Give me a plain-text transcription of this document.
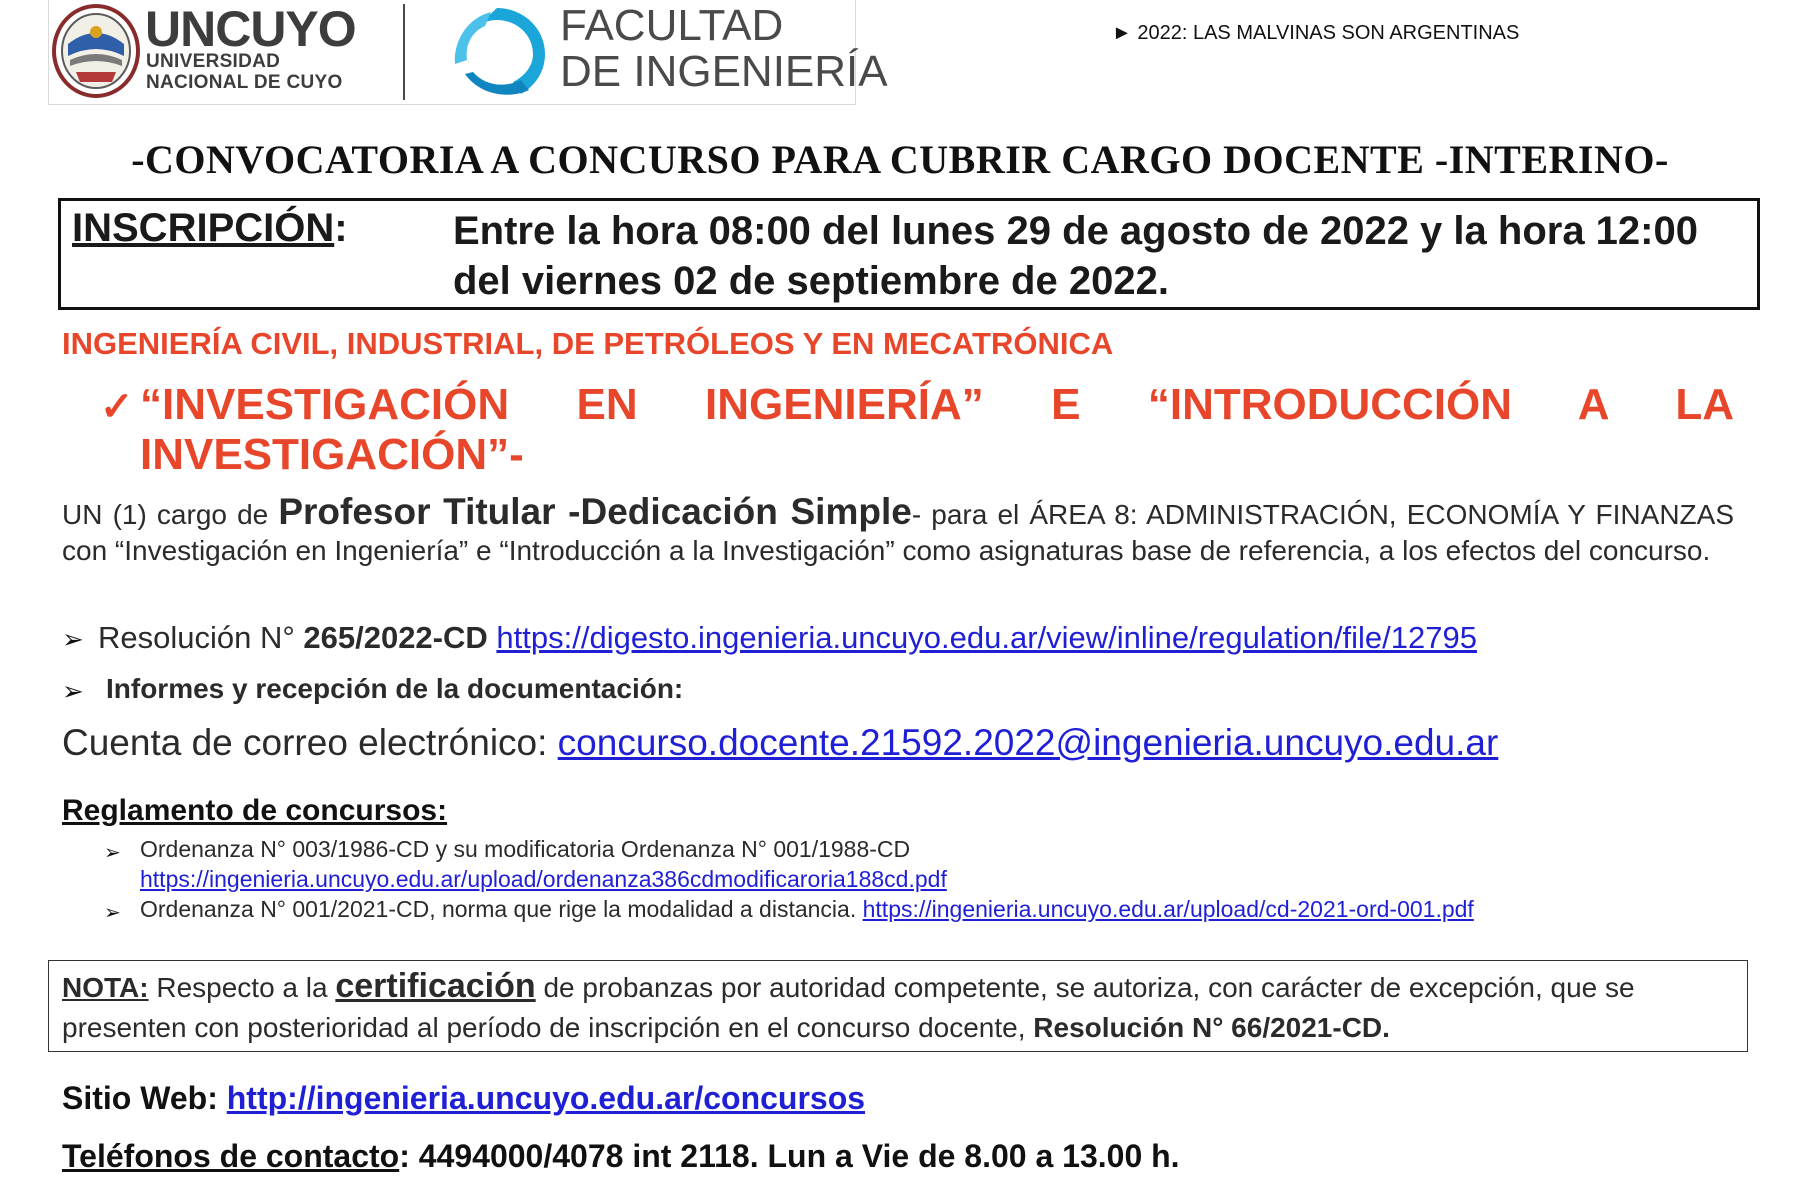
UNCUYO
UNIVERSIDAD
NACIONAL DE CUYO
FACULTAD
DE INGENIERÍA
► 2022: LAS MALVINAS SON ARGENTINAS
-CONVOCATORIA A CONCURSO PARA CUBRIR CARGO DOCENTE -INTERINO-
INSCRIPCIÓN:	Entre la hora 08:00 del lunes 29 de agosto de 2022 y la hora 12:00 del viernes 02 de septiembre de 2022.
INGENIERÍA CIVIL, INDUSTRIAL, DE PETRÓLEOS Y EN MECATRÓNICA
✓ “INVESTIGACIÓN EN INGENIERÍA” E “INTRODUCCIÓN A LA
INVESTIGACIÓN”-
UN (1) cargo de Profesor Titular -Dedicación Simple- para el ÁREA 8: ADMINISTRACIÓN, ECONOMÍA Y FINANZAS con “Investigación en Ingeniería” e “Introducción a la Investigación” como asignaturas base de referencia, a los efectos del concurso.
➢ Resolución N° 265/2022-CD https://digesto.ingenieria.uncuyo.edu.ar/view/inline/regulation/file/12795
➢ Informes y recepción de la documentación:
Cuenta de correo electrónico: concurso.docente.21592.2022@ingenieria.uncuyo.edu.ar
Reglamento de concursos:
➢ Ordenanza N° 003/1986-CD y su modificatoria Ordenanza N° 001/1988-CD
https://ingenieria.uncuyo.edu.ar/upload/ordenanza386cdmodificaroria188cd.pdf
➢ Ordenanza N° 001/2021-CD, norma que rige la modalidad a distancia. https://ingenieria.uncuyo.edu.ar/upload/cd-2021-ord-001.pdf
NOTA: Respecto a la certificación de probanzas por autoridad competente, se autoriza, con carácter de excepción, que se presenten con posterioridad al período de inscripción en el concurso docente, Resolución N° 66/2021-CD.
Sitio Web: http://ingenieria.uncuyo.edu.ar/concursos
Teléfonos de contacto: 4494000/4078 int 2118. Lun a Vie de 8.00 a 13.00 h.
